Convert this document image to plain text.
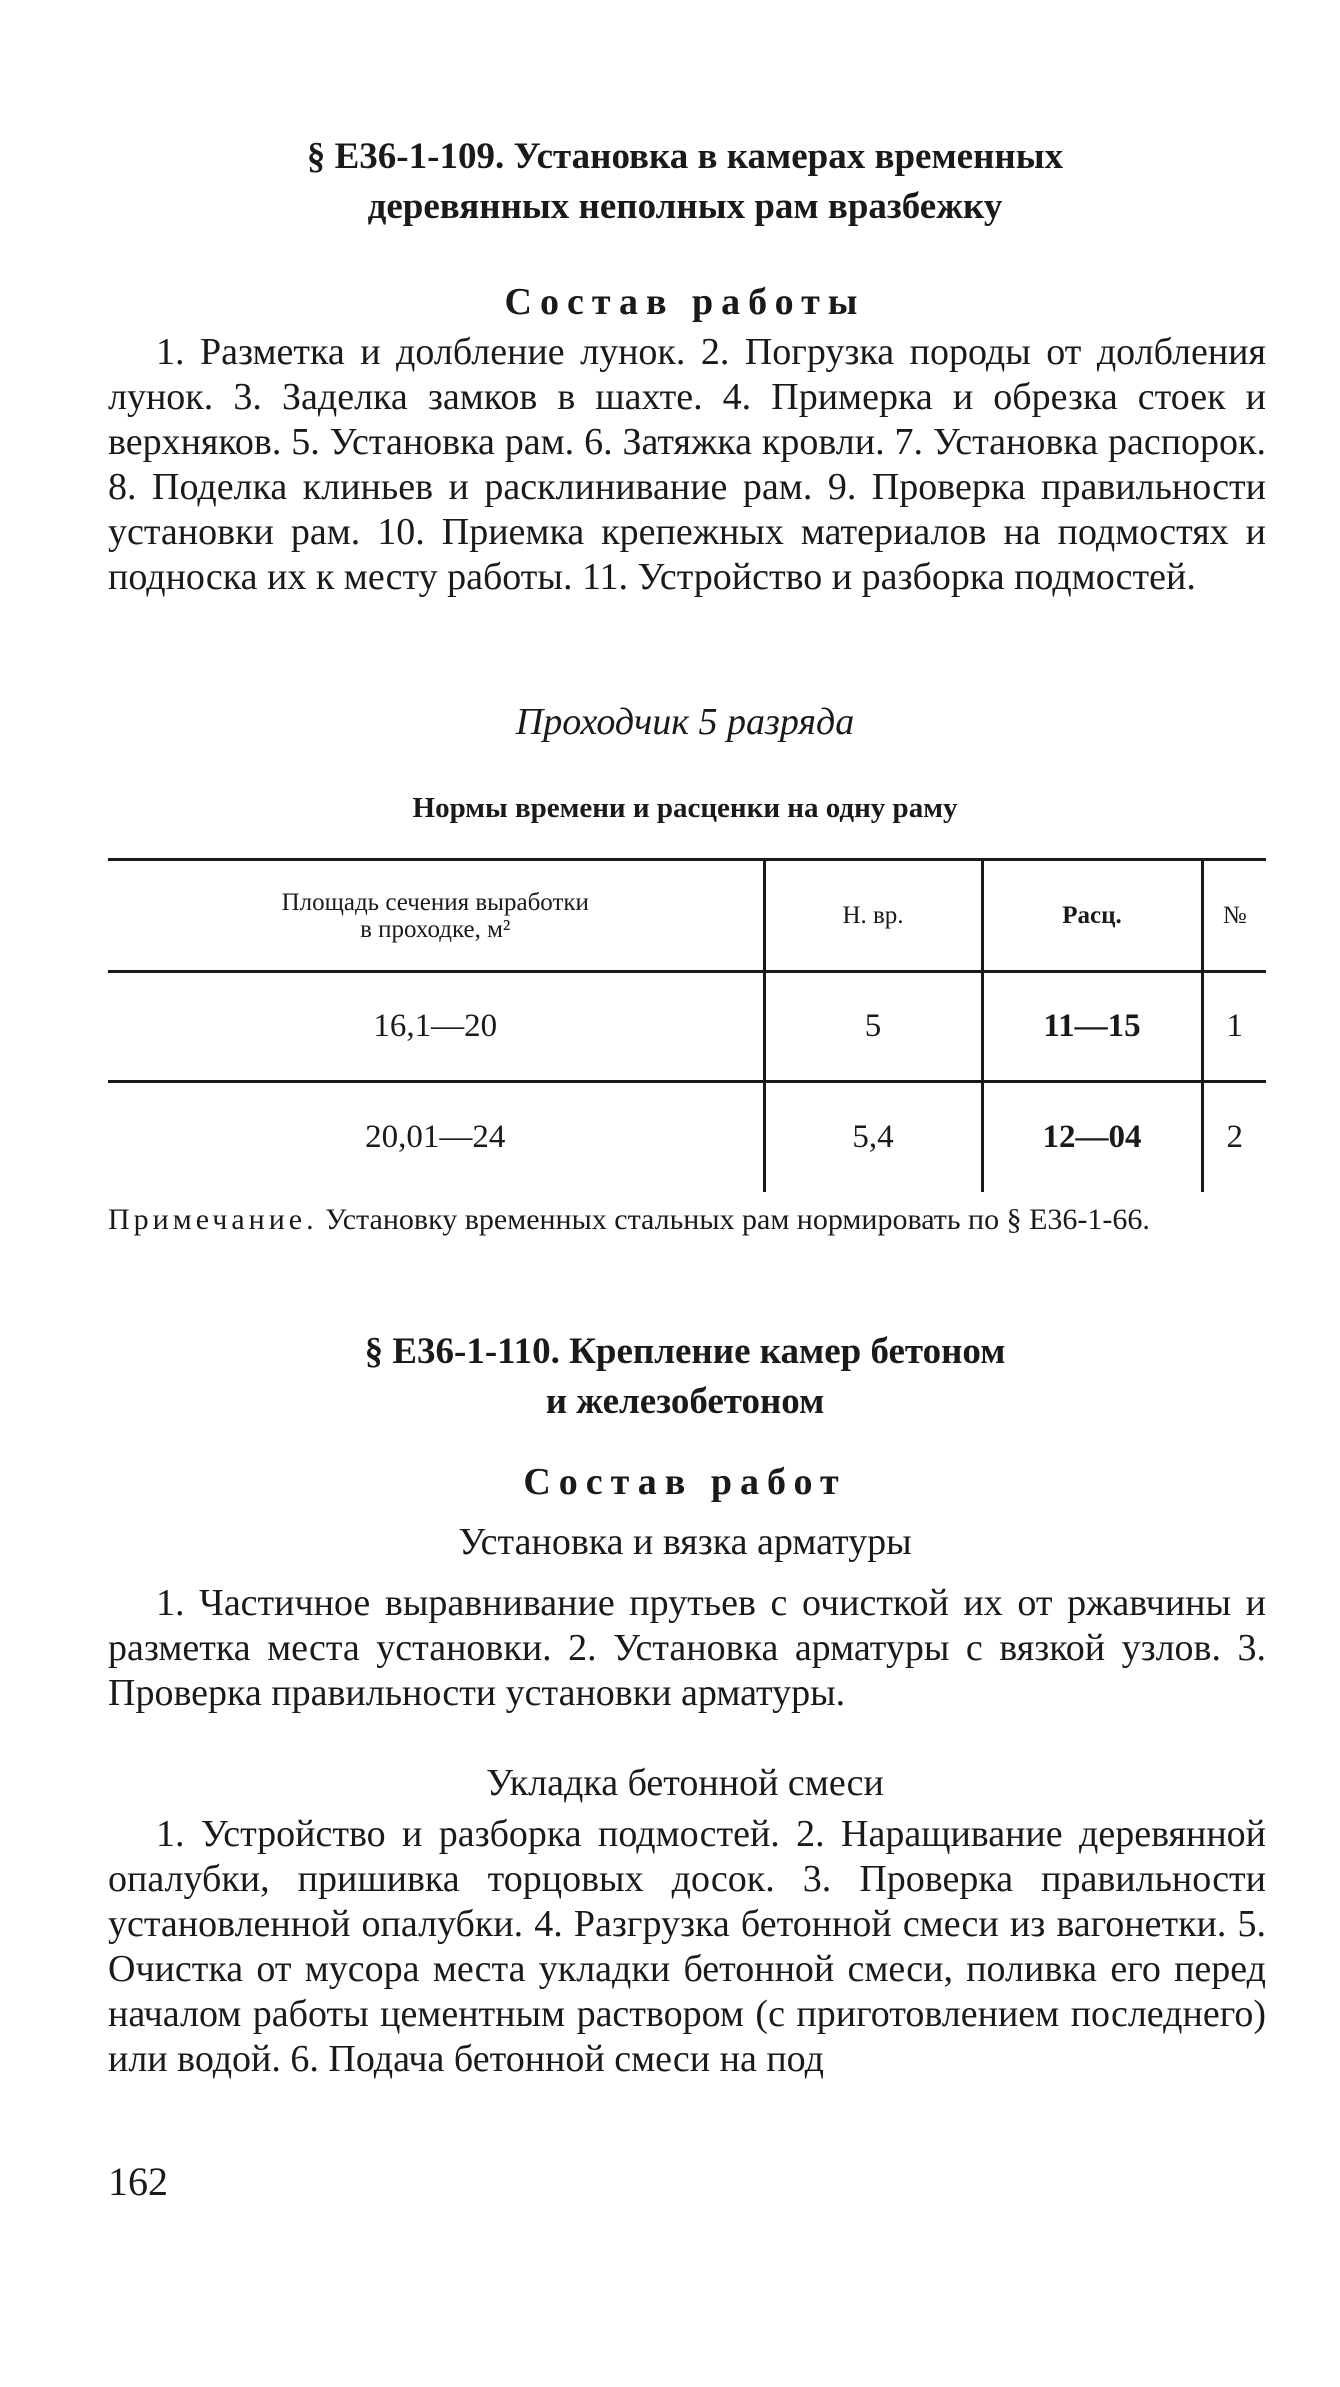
§ Е36-1-109. Установка в камерах временных
деревянных неполных рам вразбежку
Состав работы
1. Разметка и долбление лунок. 2. Погрузка породы от долбления лунок. 3. Заделка замков в шахте. 4. Примерка и обрезка стоек и верхняков. 5. Установка рам. 6. Затяжка кровли. 7. Установка распорок. 8. Поделка клиньев и расклинивание рам. 9. Проверка правильности установки рам. 10. Приемка крепежных материалов на подмостях и подноска их к месту работы. 11. Устройство и разборка подмостей.
Проходчик 5 разряда
Нормы времени и расценки на одну раму
Площадь сечения выработки
в проходке, м²	Н. вр.	Расц.	№
16,1—20	5	11—15	1
20,01—24	5,4	12—04	2
Примечание. Установку временных стальных рам нормировать по § Е36-1-66.
§ Е36-1-110. Крепление камер бетоном
и железобетоном
Состав работ
Установка и вязка арматуры
1. Частичное выравнивание прутьев с очисткой их от ржавчины и разметка места установки. 2. Установка арматуры с вязкой узлов. 3. Проверка правильности установки арматуры.
Укладка бетонной смеси
1. Устройство и разборка подмостей. 2. Наращивание деревянной опалубки, пришивка торцовых досок. 3. Проверка правильности установленной опалубки. 4. Разгрузка бетонной смеси из вагонетки. 5. Очистка от мусора места укладки бетонной смеси, поливка его перед началом работы цементным раствором (с приготовлением последнего) или водой. 6. Подача бетонной смеси на под
162
